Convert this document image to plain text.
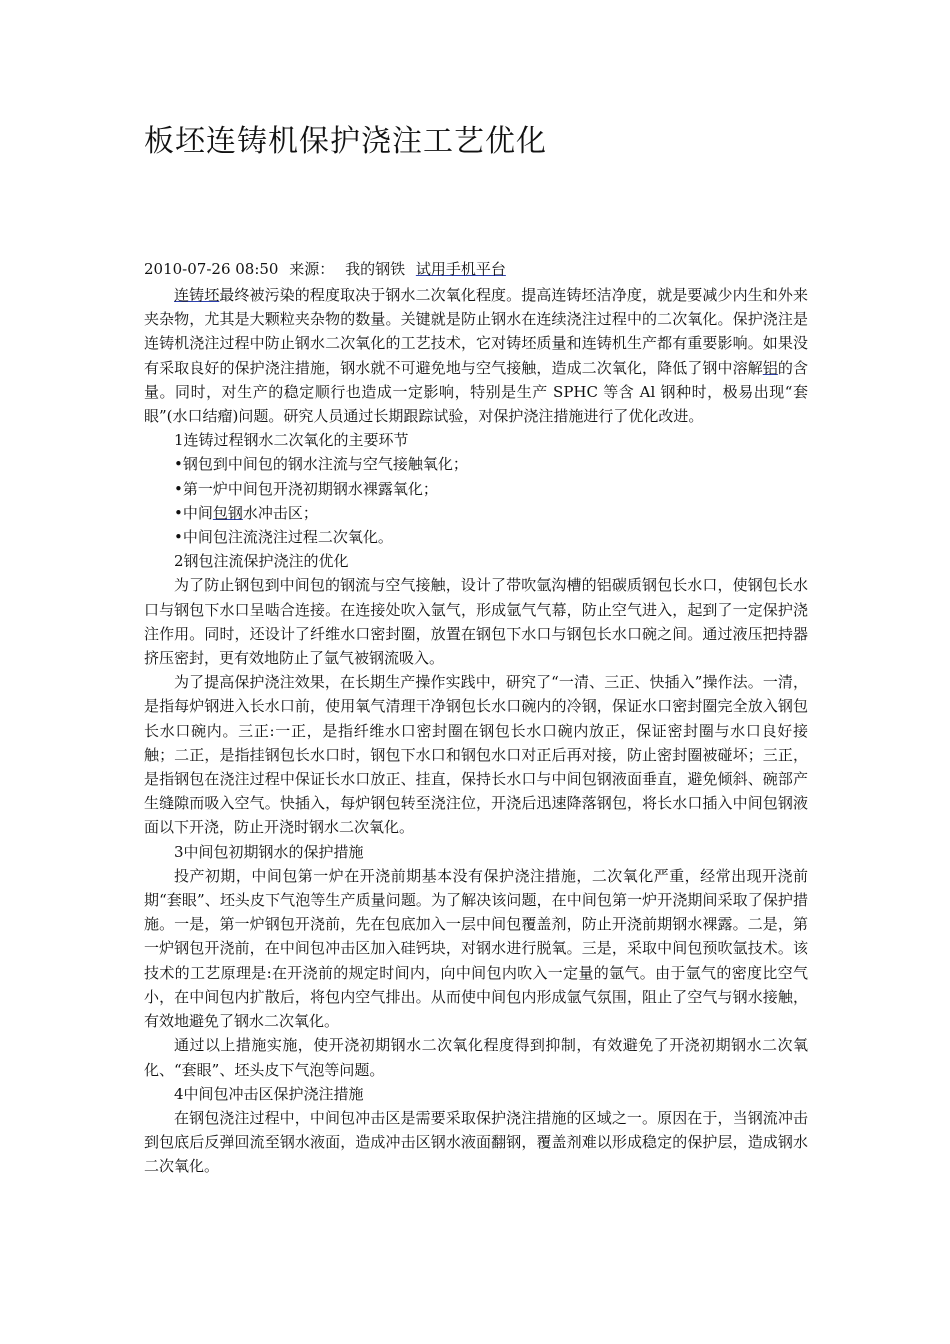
板坯连铸机保护浇注工艺优化
2010-07-26 08:50 来源： 我的钢铁 试用手机平台

连铸坯最终被污染的程度取决于钢水二次氧化程度。提高连铸坯洁净度，就是要减少内生和外来夹杂物，尤其是大颗粒夹杂物的数量。关键就是防止钢水在连续浇注过程中的二次氧化。保护浇注是连铸机浇注过程中防止钢水二次氧化的工艺技术，它对铸坯质量和连铸机生产都有重要影响。如果没有采取良好的保护浇注措施，钢水就不可避免地与空气接触，造成二次氧化，降低了钢中溶解铝的含量。同时，对生产的稳定顺行也造成一定影响，特别是生产 SPHC 等含 Al 钢种时，极易出现“套眼”(水口结瘤)问题。研究人员通过长期跟踪试验，对保护浇注措施进行了优化改进。

1连铸过程钢水二次氧化的主要环节

•钢包到中间包的钢水注流与空气接触氧化；

•第一炉中间包开浇初期钢水裸露氧化；

•中间包钢水冲击区；

•中间包注流浇注过程二次氧化。

2钢包注流保护浇注的优化

为了防止钢包到中间包的钢流与空气接触，设计了带吹氩沟槽的铝碳质钢包长水口，使钢包长水口与钢包下水口呈啮合连接。在连接处吹入氩气，形成氩气气幕，防止空气进入，起到了一定保护浇注作用。同时，还设计了纤维水口密封圈，放置在钢包下水口与钢包长水口碗之间。通过液压把持器挤压密封，更有效地防止了氩气被钢流吸入。

为了提高保护浇注效果，在长期生产操作实践中，研究了“一清、三正、快插入”操作法。一清，是指每炉钢进入长水口前，使用氧气清理干净钢包长水口碗内的冷钢，保证水口密封圈完全放入钢包长水口碗内。三正:一正，是指纤维水口密封圈在钢包长水口碗内放正，保证密封圈与水口良好接触；二正，是指挂钢包长水口时，钢包下水口和钢包水口对正后再对接，防止密封圈被碰坏；三正，是指钢包在浇注过程中保证长水口放正、挂直，保持长水口与中间包钢液面垂直，避免倾斜、碗部产生缝隙而吸入空气。快插入，每炉钢包转至浇注位，开浇后迅速降落钢包，将长水口插入中间包钢液面以下开浇，防止开浇时钢水二次氧化。

3中间包初期钢水的保护措施

投产初期，中间包第一炉在开浇前期基本没有保护浇注措施，二次氧化严重，经常出现开浇前期“套眼”、坯头皮下气泡等生产质量问题。为了解决该问题，在中间包第一炉开浇期间采取了保护措施。一是，第一炉钢包开浇前，先在包底加入一层中间包覆盖剂，防止开浇前期钢水裸露。二是，第一炉钢包开浇前，在中间包冲击区加入硅钙块，对钢水进行脱氧。三是，采取中间包预吹氩技术。该技术的工艺原理是:在开浇前的规定时间内，向中间包内吹入一定量的氩气。由于氩气的密度比空气小，在中间包内扩散后，将包内空气排出。从而使中间包内形成氩气氛围，阻止了空气与钢水接触，有效地避免了钢水二次氧化。

通过以上措施实施，使开浇初期钢水二次氧化程度得到抑制，有效避免了开浇初期钢水二次氧化、“套眼”、坯头皮下气泡等问题。

4中间包冲击区保护浇注措施

在钢包浇注过程中，中间包冲击区是需要采取保护浇注措施的区域之一。原因在于，当钢流冲击到包底后反弹回流至钢水液面，造成冲击区钢水液面翻钢，覆盖剂难以形成稳定的保护层，造成钢水二次氧化。
